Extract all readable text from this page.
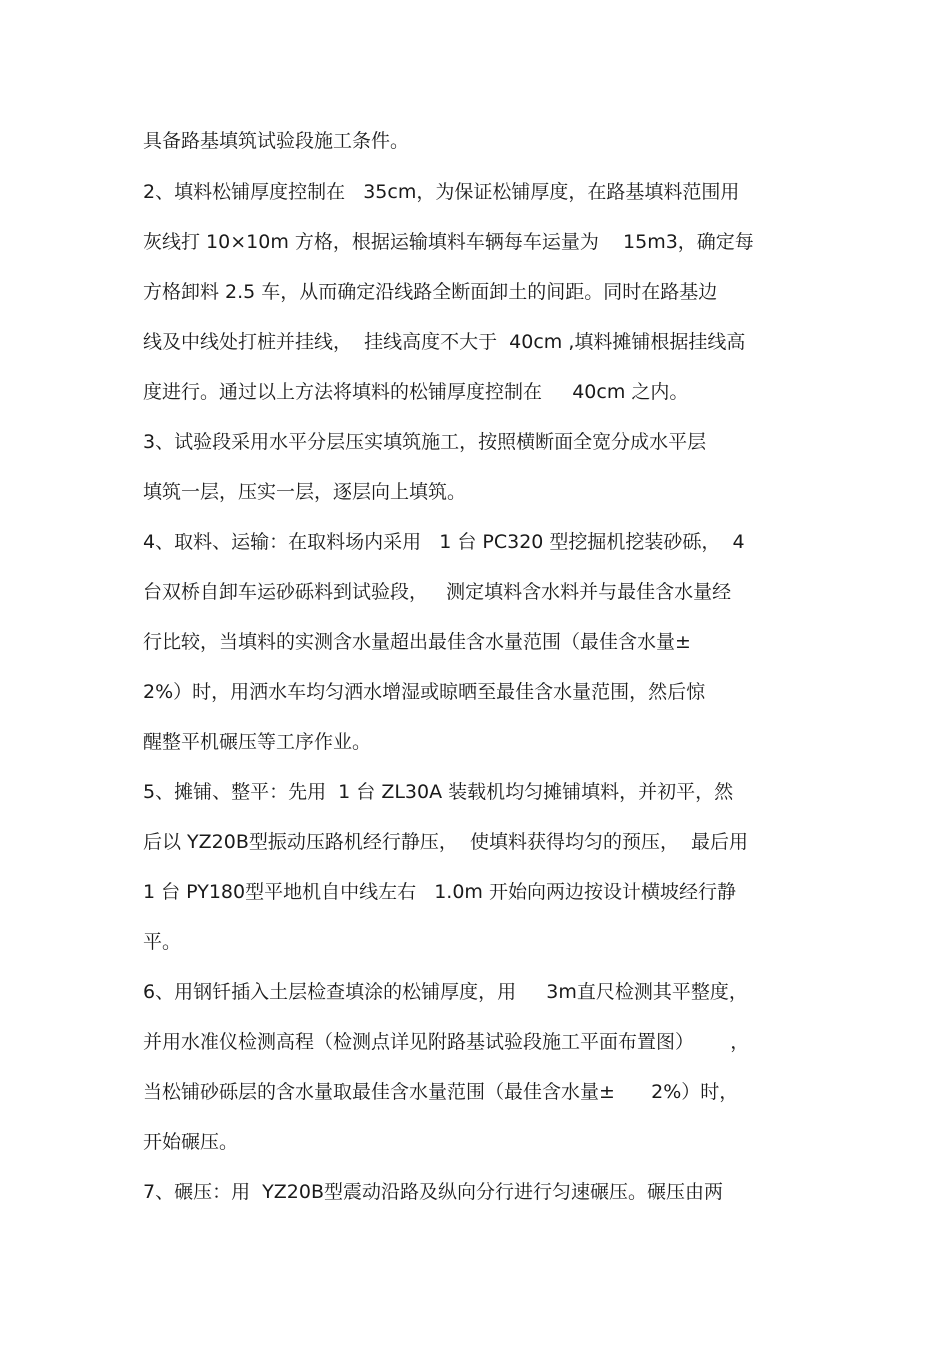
具备路基填筑试验段施工条件。
2、填料松铺厚度控制在   35cm，为保证松铺厚度，在路基填料范围用
灰线打 10×10m 方格，根据运输填料车辆每车运量为    15m3，确定每
方格卸料 2.5 车，从而确定沿线路全断面卸土的间距。同时在路基边
线及中线处打桩并挂线，  挂线高度不大于  40cm ,填料摊铺根据挂线高
度进行。通过以上方法将填料的松铺厚度控制在     40cm 之内。
3、试验段采用水平分层压实填筑施工，按照横断面全宽分成水平层
填筑一层，压实一层，逐层向上填筑。
4、取料、运输：在取料场内采用   1 台 PC320 型挖掘机挖装砂砾，  4
台双桥自卸车运砂砾料到试验段，   测定填料含水料并与最佳含水量经
行比较，当填料的实测含水量超出最佳含水量范围（最佳含水量±
2%）时，用洒水车均匀洒水增湿或晾晒至最佳含水量范围，然后惊
醒整平机碾压等工序作业。
5、摊铺、整平：先用  1 台 ZL30A 装载机均匀摊铺填料，并初平，然
后以 YZ20B型振动压路机经行静压，  使填料获得均匀的预压，  最后用
1 台 PY180型平地机自中线左右   1.0m 开始向两边按设计横坡经行静
平。
6、用钢钎插入土层检查填涂的松铺厚度，用     3m直尺检测其平整度，
并用水准仪检测高程（检测点详见附路基试验段施工平面布置图）      ，
当松铺砂砾层的含水量取最佳含水量范围（最佳含水量±      2%）时，
开始碾压。
7、碾压：用  YZ20B型震动沿路及纵向分行进行匀速碾压。碾压由两
